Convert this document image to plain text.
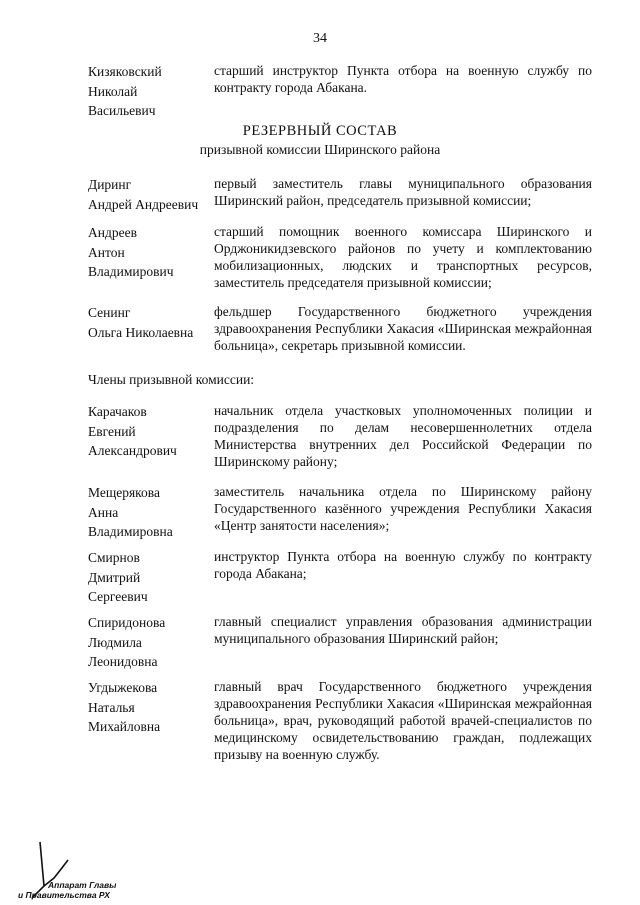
34
Кизяковский
Николай
Васильевич
старший инструктор Пункта отбора на военную службу по контракту города Абакана.
РЕЗЕРВНЫЙ СОСТАВ
призывной комиссии Ширинского района
Диринг
Андрей Андреевич
первый заместитель главы муниципального образования Ширинский район, председатель призывной комиссии;
Андреев
Антон
Владимирович
старший помощник военного комиссара Ширинского и Орджоникидзевского районов по учету и комплектованию мобилизационных, людских и транспортных ресурсов, заместитель председателя призывной комиссии;
Сенинг
Ольга Николаевна
фельдшер Государственного бюджетного учреждения здравоохранения Республики Хакасия «Ширинская межрайонная больница», секретарь призывной комиссии.
Члены призывной комиссии:
Карачаков
Евгений
Александрович
начальник отдела участковых уполномоченных полиции и подразделения по делам несовершеннолетних отдела Министерства внутренних дел Российской Федерации по Ширинскому району;
Мещерякова
Анна
Владимировна
заместитель начальника отдела по Ширинскому району Государственного казённого учреждения Республики Хакасия «Центр занятости населения»;
Смирнов
Дмитрий
Сергеевич
инструктор Пункта отбора на военную службу по контракту города Абакана;
Спиридонова
Людмила
Леонидовна
главный специалист управления образования администрации муниципального образования Ширинский район;
Угдыжекова
Наталья
Михайловна
главный врач Государственного бюджетного учреждения здравоохранения Республики Хакасия «Ширинская межрайонная больница», врач, руководящий работой врачей-специалистов по медицинскому освидетельствованию граждан, подлежащих призыву на военную службу.
Аппарат Главы
и Правительства РХ
